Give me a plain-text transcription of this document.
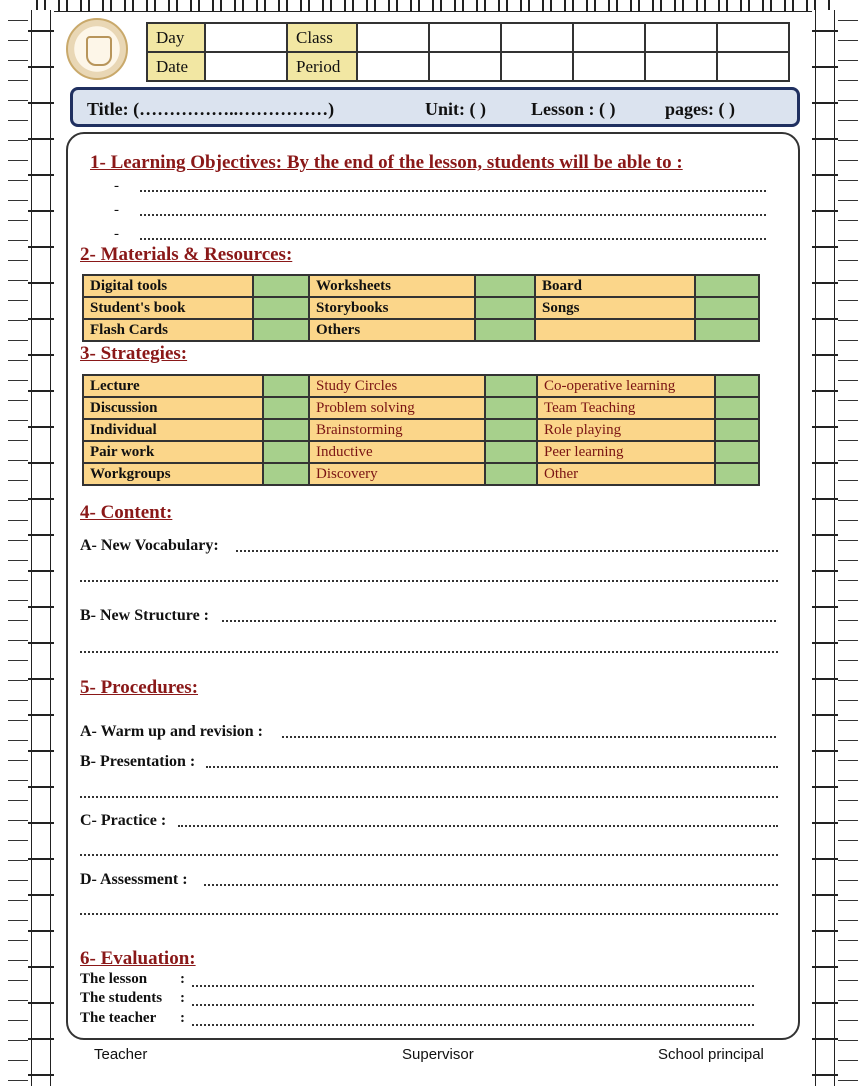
Day		Class						
Date		Period						
Title: (……………..……………)	Unit: ( )	Lesson : ( )	pages: ( )
1- Learning Objectives: By the end of the lesson, students will be able to :
-
-
-
2- Materials & Resources:
Digital tools		Worksheets		Board	
Student's book		Storybooks		Songs	
Flash Cards		Others			
3- Strategies:
Lecture		Study Circles		Co-operative learning	
Discussion		Problem solving		Team Teaching	
Individual		Brainstorming		Role playing	
Pair work		Inductive		Peer learning	
Workgroups		Discovery		Other	
4- Content:
A- New Vocabulary:
B- New Structure :
5- Procedures:
A- Warm up and revision :
B- Presentation :
C- Practice :
D- Assessment :
6- Evaluation:
The lesson :
The students :
The teacher :
Teacher	Supervisor	School principal
